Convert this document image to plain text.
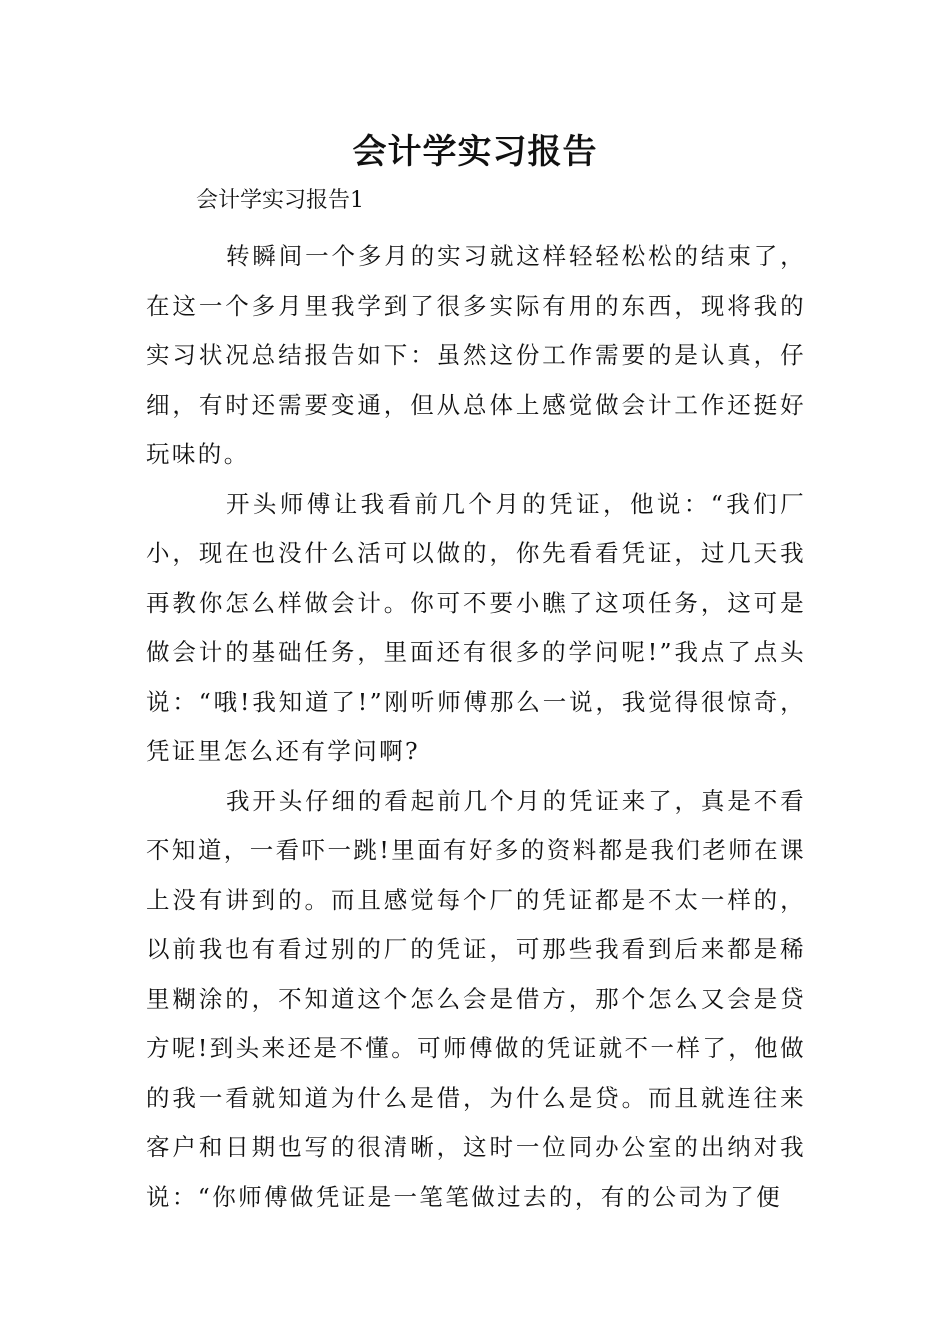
会计学实习报告
会计学实习报告1

转瞬间一个多月的实习就这样轻轻松松的结束了，在这一个多月里我学到了很多实际有用的东西，现将我的实习状况总结报告如下：虽然这份工作需要的是认真，仔细，有时还需要变通，但从总体上感觉做会计工作还挺好玩味的。

开头师傅让我看前几个月的凭证，他说：“我们厂小，现在也没什么活可以做的，你先看看凭证，过几天我再教你怎么样做会计。你可不要小瞧了这项任务，这可是做会计的基础任务，里面还有很多的学问呢!”我点了点头说：“哦!我知道了!”刚听师傅那么一说，我觉得很惊奇，凭证里怎么还有学问啊?

我开头仔细的看起前几个月的凭证来了，真是不看不知道，一看吓一跳!里面有好多的资料都是我们老师在课上没有讲到的。而且感觉每个厂的凭证都是不太一样的，以前我也有看过别的厂的凭证，可那些我看到后来都是稀里糊涂的，不知道这个怎么会是借方，那个怎么又会是贷方呢!到头来还是不懂。可师傅做的凭证就不一样了，他做的我一看就知道为什么是借，为什么是贷。而且就连往来客户和日期也写的很清晰，这时一位同办公室的出纳对我说：“你师傅做凭证是一笔笔做过去的，有的公司为了便
